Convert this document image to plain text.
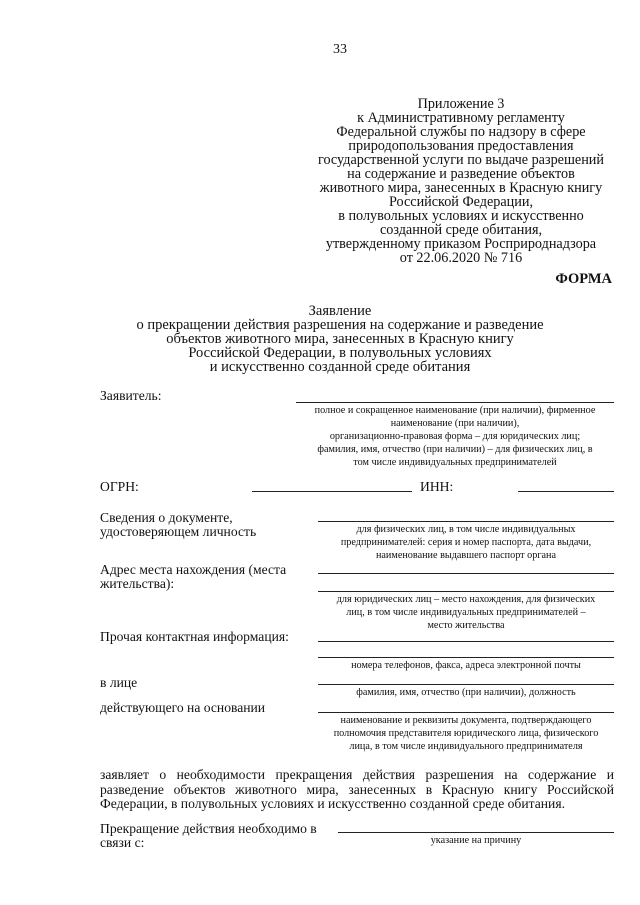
33
Приложение 3
к Административному регламенту
Федеральной службы по надзору в сфере
природопользования предоставления
государственной услуги по выдаче разрешений
на содержание и разведение объектов
животного мира, занесенных в Красную книгу
Российской Федерации,
в полувольных условиях и искусственно
созданной среде обитания,
утвержденному приказом Росприроднадзора
от 22.06.2020 № 716
ФОРМА
Заявление
о прекращении действия разрешения на содержание и разведение
объектов животного мира, занесенных в Красную книгу
Российской Федерации, в полувольных условиях
и искусственно созданной среде обитания
Заявитель:
полное и сокращенное наименование (при наличии), фирменное
наименование (при наличии),
организационно-правовая форма – для юридических лиц;
фамилия, имя, отчество (при наличии) – для физических лиц, в
том числе индивидуальных предпринимателей
ОГРН:	ИНН:
Сведения о документе,
удостоверяющем личность	для физических лиц, в том числе индивидуальных
предпринимателей: серия и номер паспорта, дата выдачи,
наименование выдавшего паспорт органа
Адрес места нахождения (места
жительства):
для юридических лиц – место нахождения, для физических
лиц, в том числе индивидуальных предпринимателей –
место жительства
Прочая контактная информация:
номера телефонов, факса, адреса электронной почты
в лице
фамилия, имя, отчество (при наличии), должность
действующего на основании
наименование и реквизиты документа, подтверждающего
полномочия представителя юридического лица, физического
лица, в том числе индивидуального предпринимателя
заявляет о необходимости прекращения действия разрешения на содержание и разведение объектов животного мира, занесенных в Красную книгу Российской Федерации, в полувольных условиях и искусственно созданной среде обитания.
Прекращение действия необходимо в
связи с:	указание на причину
